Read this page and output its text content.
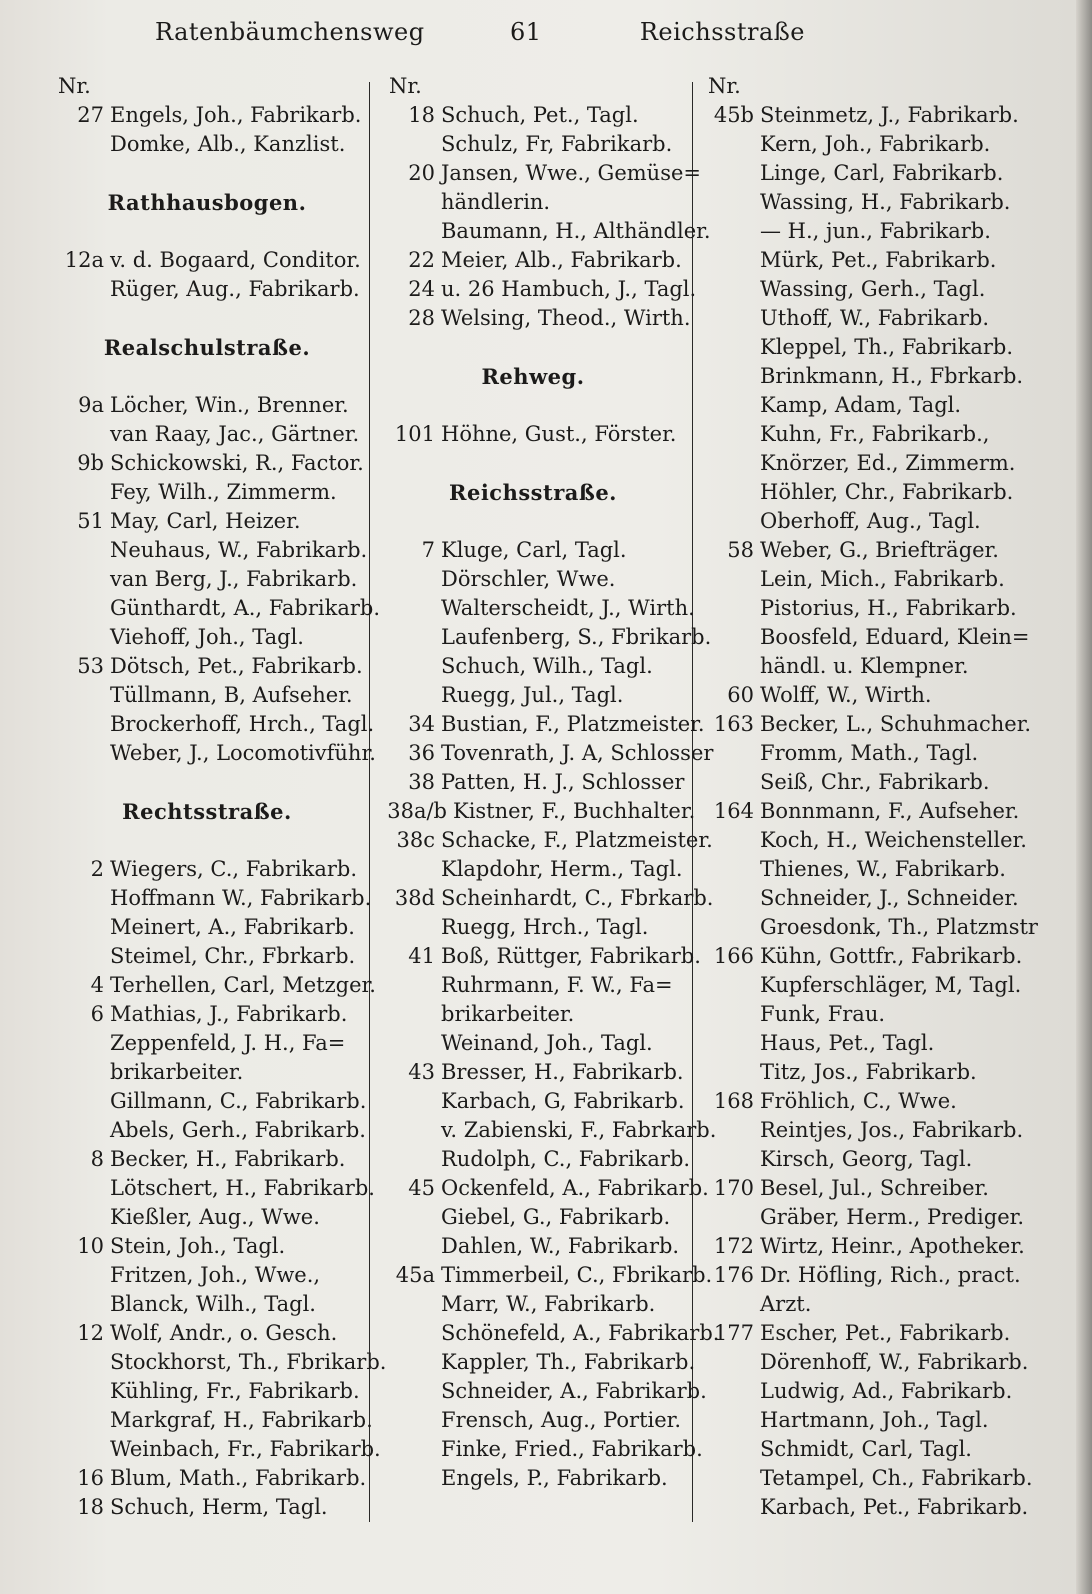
Ratenbäumchensweg	61	Reichsstraße
Nr.
27 Engels, Joh., Fabrikarb.
Domke, Alb., Kanzlist.
Rathhausbogen.
12a v. d. Bogaard, Conditor.
Rüger, Aug., Fabrikarb.
Realschulstraße.
9a Löcher, Win., Brenner.
van Raay, Jac., Gärtner.
9b Schickowski, R., Factor.
Fey, Wilh., Zimmerm.
51 May, Carl, Heizer.
Neuhaus, W., Fabrikarb.
van Berg, J., Fabrikarb.
Günthardt, A., Fabrikarb.
Viehoff, Joh., Tagl.
53 Dötsch, Pet., Fabrikarb.
Tüllmann, B, Aufseher.
Brockerhoff, Hrch., Tagl.
Weber, J., Locomotivführ.
Rechtsstraße.
2 Wiegers, C., Fabrikarb.
Hoffmann W., Fabrikarb.
Meinert, A., Fabrikarb.
Steimel, Chr., Fbrkarb.
4 Terhellen, Carl, Metzger.
6 Mathias, J., Fabrikarb.
Zeppenfeld, J. H., Fa=
brikarbeiter.
Gillmann, C., Fabrikarb.
Abels, Gerh., Fabrikarb.
8 Becker, H., Fabrikarb.
Lötschert, H., Fabrikarb.
Kießler, Aug., Wwe.
10 Stein, Joh., Tagl.
Fritzen, Joh., Wwe.,
Blanck, Wilh., Tagl.
12 Wolf, Andr., o. Gesch.
Stockhorst, Th., Fbrikarb.
Kühling, Fr., Fabrikarb.
Markgraf, H., Fabrikarb.
Weinbach, Fr., Fabrikarb.
16 Blum, Math., Fabrikarb.
18 Schuch, Herm, Tagl.
Nr.
18 Schuch, Pet., Tagl.
Schulz, Fr, Fabrikarb.
20 Jansen, Wwe., Gemüse=
händlerin.
Baumann, H., Althändler.
22 Meier, Alb., Fabrikarb.
24 u. 26 Hambuch, J., Tagl.
28 Welsing, Theod., Wirth.
Rehweg.
101 Höhne, Gust., Förster.
Reichsstraße.
7 Kluge, Carl, Tagl.
Dörschler, Wwe.
Walterscheidt, J., Wirth.
Laufenberg, S., Fbrikarb.
Schuch, Wilh., Tagl.
Ruegg, Jul., Tagl.
34 Bustian, F., Platzmeister.
36 Tovenrath, J. A, Schlosser
38 Patten, H. J., Schlosser
38a/b Kistner, F., Buchhalter.
38c Schacke, F., Platzmeister.
Klapdohr, Herm., Tagl.
38d Scheinhardt, C., Fbrkarb.
Ruegg, Hrch., Tagl.
41 Boß, Rüttger, Fabrikarb.
Ruhrmann, F. W., Fa=
brikarbeiter.
Weinand, Joh., Tagl.
43 Bresser, H., Fabrikarb.
Karbach, G, Fabrikarb.
v. Zabienski, F., Fabrkarb.
Rudolph, C., Fabrikarb.
45 Ockenfeld, A., Fabrikarb.
Giebel, G., Fabrikarb.
Dahlen, W., Fabrikarb.
45a Timmerbeil, C., Fbrikarb.
Marr, W., Fabrikarb.
Schönefeld, A., Fabrikarb.
Kappler, Th., Fabrikarb.
Schneider, A., Fabrikarb.
Frensch, Aug., Portier.
Finke, Fried., Fabrikarb.
Engels, P., Fabrikarb.
Nr.
45b Steinmetz, J., Fabrikarb.
Kern, Joh., Fabrikarb.
Linge, Carl, Fabrikarb.
Wassing, H., Fabrikarb.
— H., jun., Fabrikarb.
Mürk, Pet., Fabrikarb.
Wassing, Gerh., Tagl.
Uthoff, W., Fabrikarb.
Kleppel, Th., Fabrikarb.
Brinkmann, H., Fbrkarb.
Kamp, Adam, Tagl.
Kuhn, Fr., Fabrikarb.,
Knörzer, Ed., Zimmerm.
Höhler, Chr., Fabrikarb.
Oberhoff, Aug., Tagl.
58 Weber, G., Briefträger.
Lein, Mich., Fabrikarb.
Pistorius, H., Fabrikarb.
Boosfeld, Eduard, Klein=
händl. u. Klempner.
60 Wolff, W., Wirth.
163 Becker, L., Schuhmacher.
Fromm, Math., Tagl.
Seiß, Chr., Fabrikarb.
164 Bonnmann, F., Aufseher.
Koch, H., Weichensteller.
Thienes, W., Fabrikarb.
Schneider, J., Schneider.
Groesdonk, Th., Platzmstr
166 Kühn, Gottfr., Fabrikarb.
Kupferschläger, M, Tagl.
Funk, Frau.
Haus, Pet., Tagl.
Titz, Jos., Fabrikarb.
168 Fröhlich, C., Wwe.
Reintjes, Jos., Fabrikarb.
Kirsch, Georg, Tagl.
170 Besel, Jul., Schreiber.
Gräber, Herm., Prediger.
172 Wirtz, Heinr., Apotheker.
176 Dr. Höfling, Rich., pract.
Arzt.
177 Escher, Pet., Fabrikarb.
Dörenhoff, W., Fabrikarb.
Ludwig, Ad., Fabrikarb.
Hartmann, Joh., Tagl.
Schmidt, Carl, Tagl.
Tetampel, Ch., Fabrikarb.
Karbach, Pet., Fabrikarb.
